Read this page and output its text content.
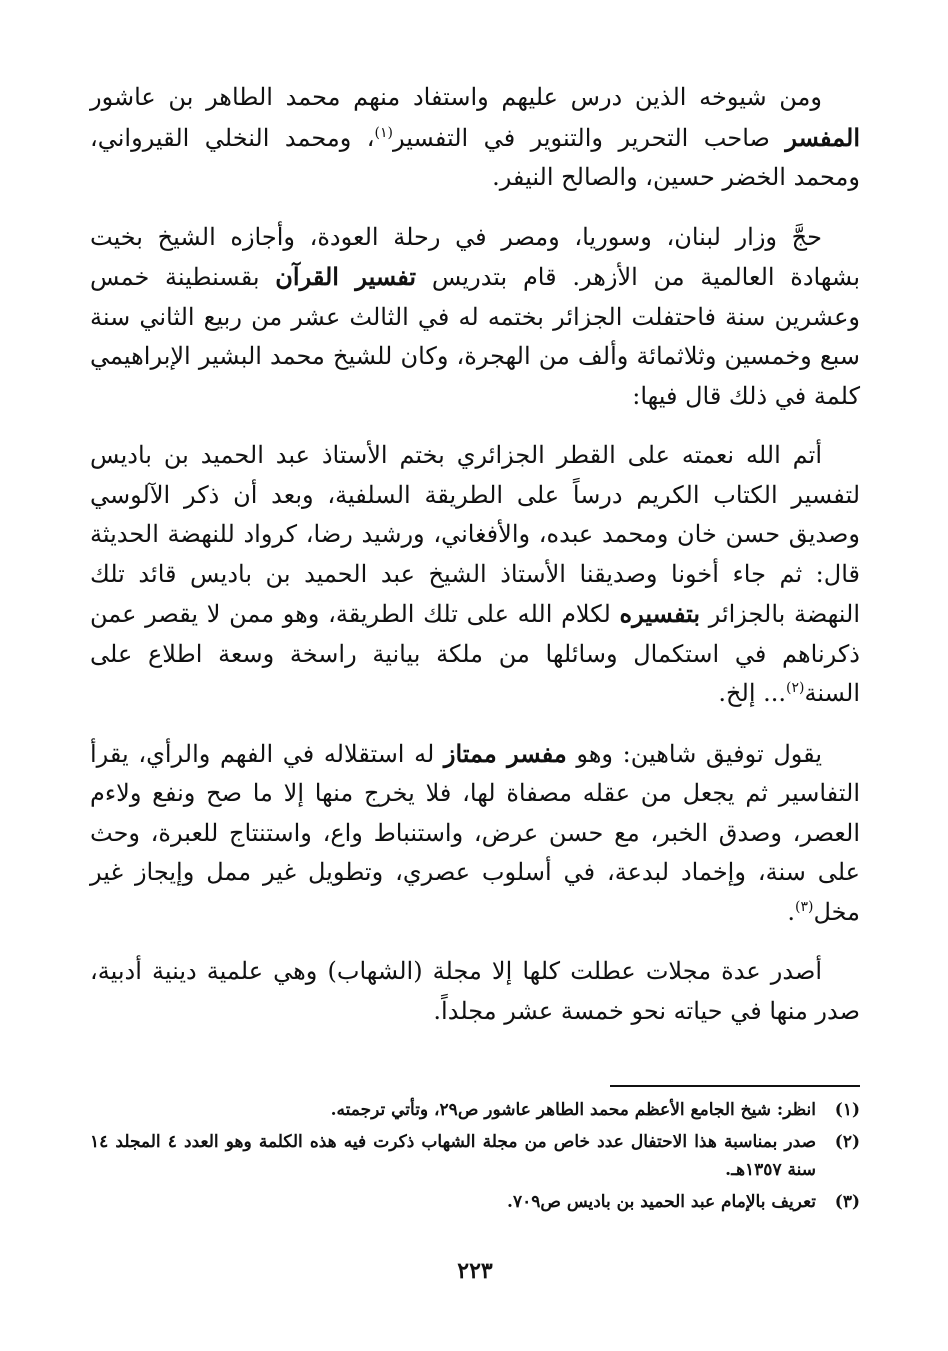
ومن شيوخه الذين درس عليهم واستفاد منهم محمد الطاهر بن عاشور المفسر صاحب التحرير والتنوير في التفسير$^{(١)}$، ومحمد النخلي القيرواني، ومحمد الخضر حسين، والصالح النيفر.

حجَّ وزار لبنان، وسوريا، ومصر في رحلة العودة، وأجازه الشيخ بخيت بشهادة العالمية من الأزهر. قام بتدريس تفسير القرآن بقسنطينة خمس وعشرين سنة فاحتفلت الجزائر بختمه له في الثالث عشر من ربيع الثاني سنة سبع وخمسين وثلاثمائة وألف من الهجرة، وكان للشيخ محمد البشير الإبراهيمي كلمة في ذلك قال فيها:

أتم الله نعمته على القطر الجزائري بختم الأستاذ عبد الحميد بن باديس لتفسير الكتاب الكريم درساً على الطريقة السلفية، وبعد أن ذكر الآلوسي وصديق حسن خان ومحمد عبده، والأفغاني، ورشيد رضا، كرواد للنهضة الحديثة قال: ثم جاء أخونا وصديقنا الأستاذ الشيخ عبد الحميد بن باديس قائد تلك النهضة بالجزائر بتفسيره لكلام الله على تلك الطريقة، وهو ممن لا يقصر عمن ذكرناهم في استكمال وسائلها من ملكة بيانية راسخة وسعة اطلاع على السنة$^{(٢)}$... إلخ.

يقول توفيق شاهين: وهو مفسر ممتاز له استقلاله في الفهم والرأي، يقرأ التفاسير ثم يجعل من عقله مصفاة لها، فلا يخرج منها إلا ما صح ونفع ولاءم العصر، وصدق الخبر، مع حسن عرض، واستنباط واع، واستنتاج للعبرة، وحث على سنة، وإخماد لبدعة، في أسلوب عصري، وتطويل غير ممل وإيجاز غير مخل$^{(٣)}$.

أصدر عدة مجلات عطلت كلها إلا مجلة (الشهاب) وهي علمية دينية أدبية، صدر منها في حياته نحو خمسة عشر مجلداً.

(١)
انظر: شيخ الجامع الأعظم محمد الطاهر عاشور ص٢٩، وتأتي ترجمته.
(٢)
صدر بمناسبة هذا الاحتفال عدد خاص من مجلة الشهاب ذكرت فيه هذه الكلمة وهو العدد ٤ المجلد ١٤ سنة ١٣٥٧هـ.
(٣)
تعريف بالإمام عبد الحميد بن باديس ص٧٠٩.
٢٢٣
